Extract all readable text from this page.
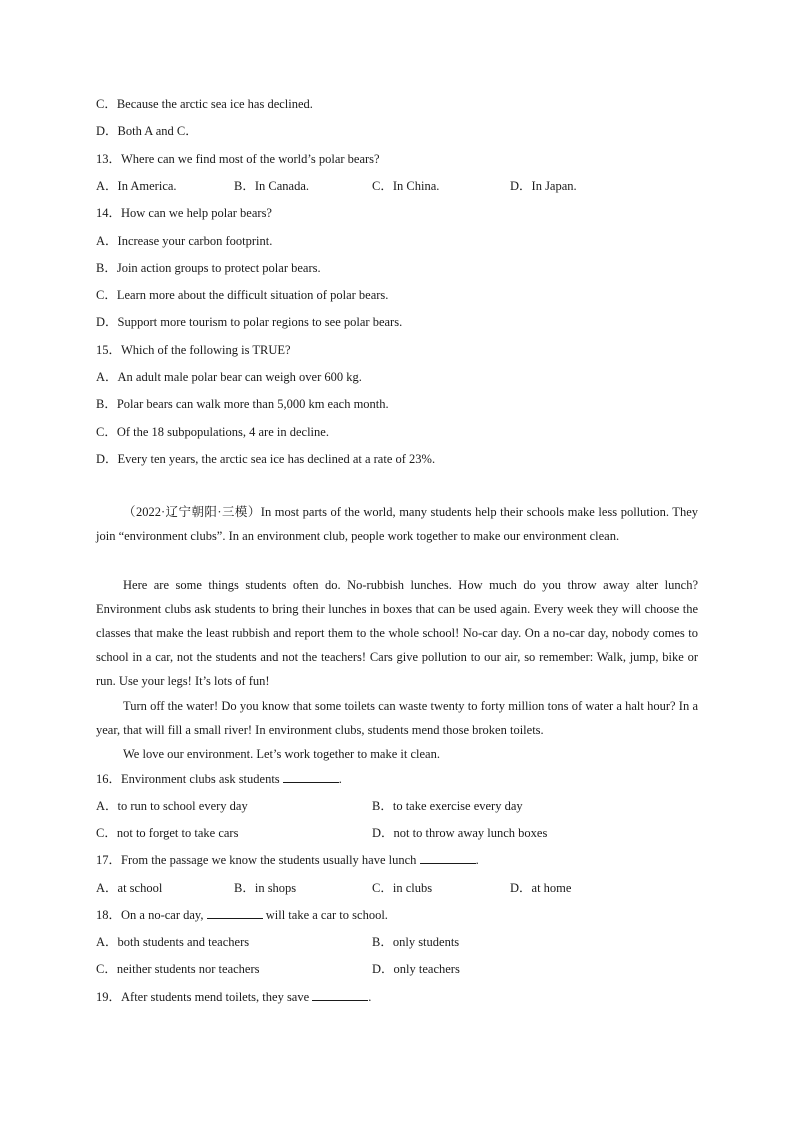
C．Because the arctic sea ice has declined.
D．Both A and C．
13．Where can we find most of the world’s polar bears?
A．In America.	B．In Canada.	C．In China.	D．In Japan.
14．How can we help polar bears?
A．Increase your carbon footprint.
B．Join action groups to protect polar bears.
C．Learn more about the difficult situation of polar bears.
D．Support more tourism to polar regions to see polar bears.
15．Which of the following is TRUE?
A．An adult male polar bear can weigh over 600 kg.
B．Polar bears can walk more than 5,000 km each month.
C．Of the 18 subpopulations, 4 are in decline.
D．Every ten years, the arctic sea ice has declined at a rate of 23%.

（2022·辽宁朝阳·三模）In most parts of the world, many students help their schools make less pollution. They join “environment clubs”. In an environment club, people work together to make our environment clean.

Here are some things students often do. No-rubbish lunches. How much do you throw away alter lunch? Environment clubs ask students to bring their lunches in boxes that can be used again. Every week they will choose the classes that make the least rubbish and report them to the whole school! No-car day. On a no-car day, nobody comes to school in a car, not the students and not the teachers! Cars give pollution to our air, so remember: Walk, jump, bike or run. Use your legs! It’s lots of fun!

Turn off the water! Do you know that some toilets can waste twenty to forty million tons of water a halt hour? In a year, that will fill a small river! In environment clubs, students mend those broken toilets.

We love our environment. Let’s work together to make it clean.

16．Environment clubs ask students	.
A．to run to school every day	B．to take exercise every day
C．not to forget to take cars	D．not to throw away lunch boxes
17．From the passage we know the students usually have lunch	.
A．at school	B．in shops	C．in clubs	D．at home
18．On a no-car day,	will take a car to school.
A．both students and teachers	B．only students
C．neither students nor teachers	D．only teachers
19．After students mend toilets, they save	.
